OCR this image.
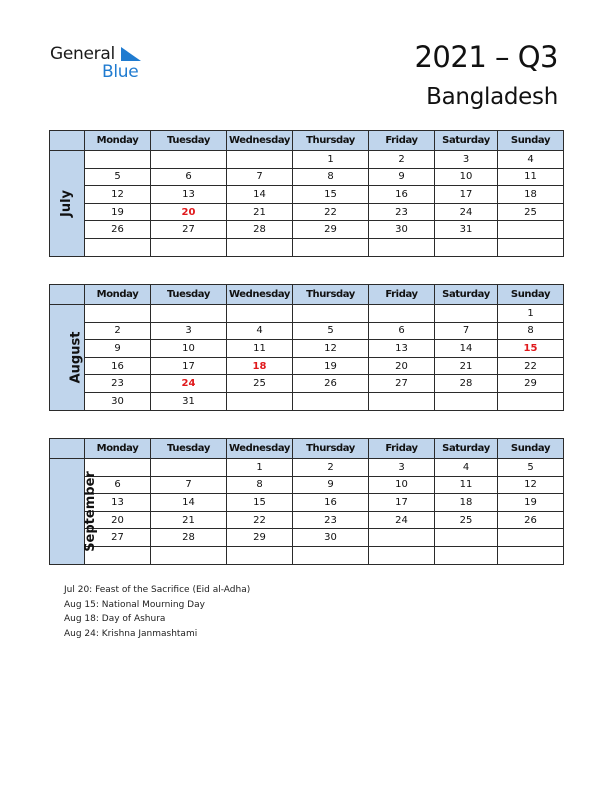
General
Blue	2021 – Q3
Bangladesh
	Monday	Tuesday	Wednesday	Thursday	Friday	Saturday	Sunday
July				1	2	3	4
	5	6	7	8	9	10	11
	12	13	14	15	16	17	18
	19	20	21	22	23	24	25
	26	27	28	29	30	31	

	Monday	Tuesday	Wednesday	Thursday	Friday	Saturday	Sunday
August							1
	2	3	4	5	6	7	8
	9	10	11	12	13	14	15
	16	17	18	19	20	21	22
	23	24	25	26	27	28	29
	30	31					
	Monday	Tuesday	Wednesday	Thursday	Friday	Saturday	Sunday
September			1	2	3	4	5
	6	7	8	9	10	11	12
	13	14	15	16	17	18	19
	20	21	22	23	24	25	26
	27	28	29	30			

Jul 20: Feast of the Sacrifice (Eid al-Adha)
Aug 15: National Mourning Day
Aug 18: Day of Ashura
Aug 24: Krishna Janmashtami
